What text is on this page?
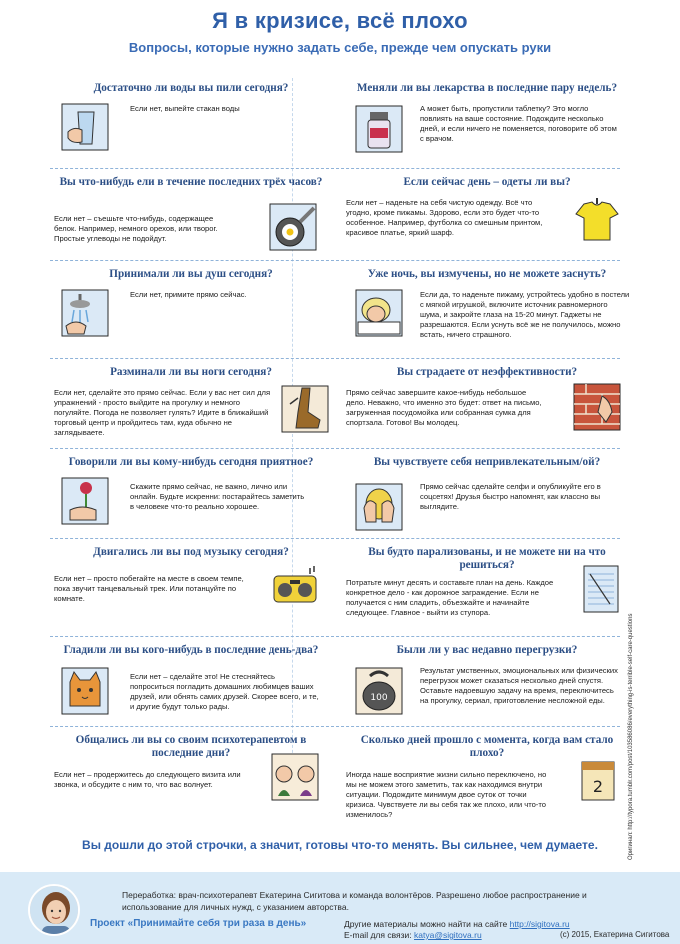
Я в кризисе, всё плохо
Вопросы, которые нужно задать себе, прежде чем опускать руки
Достаточно ли воды вы пили сегодня?
Если нет, выпейте стакан воды
Вы что-нибудь ели в течение последних трёх часов?
Если нет – съешьте что-нибудь, содержащее белок. Например, немного орехов, или творог. Простые углеводы не подойдут.
Принимали ли вы душ сегодня?
Если нет, примите прямо сейчас.
Разминали ли вы ноги сегодня?
Если нет, сделайте это прямо сейчас. Если у вас нет сил для упражнений - просто выйдите на прогулку и немного погуляйте. Погода не позволяет гулять? Идите в ближайший торговый центр и пройдитесь там, куда обычно не заглядываете.
Говорили ли вы кому-нибудь сегодня приятное?
Скажите прямо сейчас, не важно, лично или онлайн. Будьте искренни: постарайтесь заметить в человеке что-то реально хорошее.
Двигались ли вы под музыку сегодня?
Если нет – просто побегайте на месте в своем темпе, пока звучит танцевальный трек. Или потанцуйте по комнате.
Гладили ли вы кого-нибудь в последние день-два?
Если нет – сделайте это! Не стесняйтесь попроситься погладить домашних любимцев ваших друзей, или обнять самих друзей. Скорее всего, и те, и другие будут только рады.
Общались ли вы со своим психотерапевтом в последние дни?
Если нет – продержитесь до следующего визита или звонка, и обсудите с ним то, что вас волнует.
Меняли ли вы лекарства в последние пару недель?
А может быть, пропустили таблетку? Это могло повлиять на ваше состояние. Подождите несколько дней, и если ничего не поменяется, поговорите об этом с врачом.
Если сейчас день – одеты ли вы?
Если нет – наденьте на себя чистую одежду. Всё что угодно, кроме пижамы. Здорово, если это будет что-то особенное. Например, футболка со смешным принтом, красивое платье, яркий шарф.
Уже ночь, вы измучены, но не можете заснуть?
Если да, то наденьте пижаму, устройтесь удобно в постели с мягкой игрушкой, включите источник равномерного шума, и закройте глаза на 15-20 минут. Гаджеты не разрешаются. Если уснуть всё же не получилось, можно встать, ничего страшного.
Вы страдаете от неэффективности?
Прямо сейчас завершите какое-нибудь небольшое дело. Неважно, что именно это будет: ответ на письмо, загруженная посудомойка или собранная сумка для спортзала. Готово! Вы молодец.
Вы чувствуете себя непривлекательным/ой?
Прямо сейчас сделайте селфи и опубликуйте его в соцсетях! Друзья быстро напомнят, как классно вы выглядите.
Вы будто парализованы, и не можете ни на что решиться?
Потратьте минут десять и составьте план на день. Каждое конкретное дело - как дорожное заграждение. Если не получается с ним сладить, объезжайте и начинайте следующее. Главное - выйти из ступора.
Были ли у вас недавно перегрузки?
100
Результат умственных, эмоциональных или физических перегрузок может сказаться несколько дней спустя. Оставьте надоевшую задачу на время, переключитесь на прогулку, сериал, приготовление несложной еды.
Сколько дней прошло с момента, когда вам стало плохо?
2
Иногда наше восприятие жизни сильно переключено, но мы не можем этого заметить, так как находимся внутри ситуации. Подождите минимум двое суток от точки кризиса. Чувствуете ли вы себя так же плохо, или что-то изменилось?
Вы дошли до этой строчки, а значит, готовы что-то менять. Вы сильнее, чем думаете.
Переработка: врач-психотерапевт Екатерина Сигитова и команда волонтёров. Разрешено любое распространение и использование для личных нужд, с указанием авторства.
Проект «Принимайте себя три раза в день»	Другие материалы можно найти на сайте http://sigitova.ru
E-mail для связи: katya@sigitova.ru	(с) 2015, Екатерина Сигитова
Оригинал: http://typora.tumblr.com/post/103586086/everything-is-terrible-self-care-questions
